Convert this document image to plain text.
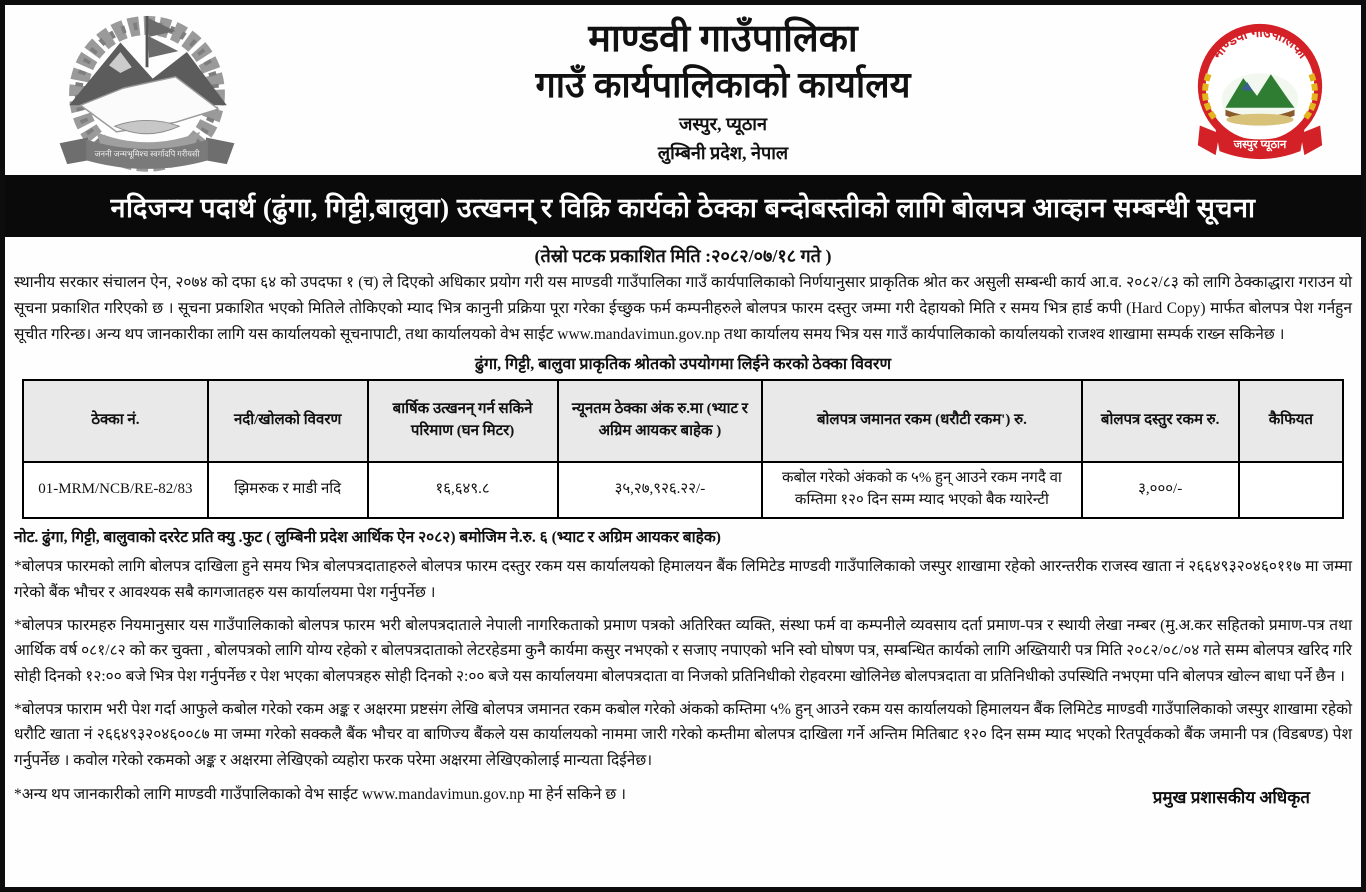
जननी जन्मभूमिश्च स्वर्गादपि गरीयसी
माण्डवी गाउँपालिका
गाउँ कार्यपालिकाको कार्यालय
जस्पुर, प्यूठान
लुम्बिनी प्रदेश, नेपाल
माण्डवी गाउँपालिका
जस्पुर प्यूठान
नदिजन्य पदार्थ (ढुंगा, गिट्टी,बालुवा) उत्खनन् र विक्रि कार्यको ठेक्का बन्दोबस्तीको लागि बोलपत्र आव्हान सम्बन्धी सूचना
(तेस्रो पटक प्रकाशित मिति :२०८२/०७/१८ गते )
स्थानीय सरकार संचालन ऐन, २०७४ को दफा ६४ को उपदफा १ (च) ले दिएको अधिकार प्रयोग गरी यस माण्डवी गाउँपालिका गाउँ कार्यपालिकाको निर्णयानुसार प्राकृतिक श्रोत कर असुली सम्बन्धी कार्य आ.व. २०८२/८३ को लागि ठेक्काद्धारा गराउन यो सूचना प्रकाशित गरिएको छ । सूचना प्रकाशित भएको मितिले तोकिएको म्याद भित्र कानुनी प्रक्रिया पूरा गरेका ईच्छुक फर्म कम्पनीहरुले बोलपत्र फारम दस्तुर जम्मा गरी देहायको मिति र समय भित्र हार्ड कपी (Hard Copy) मार्फत बोलपत्र पेश गर्नहुन सूचीत गरिन्छ। अन्य थप जानकारीका लागि यस कार्यालयको सूचनापाटी, तथा कार्यालयको वेभ साईट www.mandavimun.gov.np तथा कार्यालय समय भित्र यस गाउँ कार्यपालिकाको कार्यालयको राजश्व शाखामा सम्पर्क राख्न सकिनेछ ।
ढुंगा, गिट्टी, बालुवा प्राकृतिक श्रोतको उपयोगमा लिईने करको ठेक्का विवरण
ठेक्का नं.	नदी/खोलको विवरण	बार्षिक उत्खनन् गर्न सकिने परिमाण (घन मिटर)	न्यूनतम ठेक्का अंक रु.मा (भ्याट र अग्रिम आयकर बाहेक )	बोलपत्र जमानत रकम (धरौटी रकम') रु.	बोलपत्र दस्तुर रकम रु.	कैफियत
01-MRM/NCB/RE-82/83	झिमरुक र माडी नदि	१६,६४९.८	३५,२७,९२६.२२/-	कबोल गरेको अंकको क ५% हुन् आउने रकम नगदै वा कम्तिमा १२० दिन सम्म म्याद भएको बैक ग्यारेन्टी	३,०००/-	
नोट. ढुंगा, गिट्टी, बालुवाको दररेट प्रति क्यु .फुट ( लुम्बिनी प्रदेश आर्थिक ऐन २०८२) बमोजिम ने.रु. ६ (भ्याट र अग्रिम आयकर बाहेक)
*बोलपत्र फारमको लागि बोलपत्र दाखिला हुने समय भित्र बोलपत्रदाताहरुले बोलपत्र फारम दस्तुर रकम यस कार्यालयको हिमालयन बैंक लिमिटेड माण्डवी गाउँपालिकाको जस्पुर शाखामा रहेको आरन्तरीक राजस्व खाता नं २६६४९३२०४६०११७ मा जम्मा गरेको बैंक भौचर र आवश्यक सबै कागजातहरु यस कार्यालयमा पेश गर्नुपर्नेछ ।
*बोलपत्र फारमहरु नियमानुसार यस गाउँपालिकाको बोलपत्र फारम भरी बोलपत्रदाताले नेपाली नागरिकताको प्रमाण पत्रको अतिरिक्त व्यक्ति, संस्था फर्म वा कम्पनीले व्यवसाय दर्ता प्रमाण-पत्र र स्थायी लेखा नम्बर (मु.अ.कर सहितको प्रमाण-पत्र तथा आर्थिक वर्ष ०८१/८२ को कर चुक्ता , बोलपत्रको लागि योग्य रहेको र बोलपत्रदाताको लेटरहेडमा कुनै कार्यमा कसुर नभएको र सजाए नपाएको भनि स्वो घोषण पत्र, सम्बन्धित कार्यको लागि अख्तियारी पत्र मिति २०८२/०८/०४ गते सम्म बोलपत्र खरिद गरि सोही दिनको १२:०० बजे भित्र पेश गर्नुपर्नेछ र पेश भएका बोलपत्रहरु सोही दिनको २:०० बजे यस कार्यालयमा बोलपत्रदाता वा निजको प्रतिनिधीको रोहवरमा खोलिनेछ बोलपत्रदाता वा प्रतिनिधीको उपस्थिति नभएमा पनि बोलपत्र खोल्न बाधा पर्ने छैन ।
*बोलपत्र फाराम भरी पेश गर्दा आफुले कबोल गरेको रकम अङ्क र अक्षरमा प्रष्टसंग लेखि बोलपत्र जमानत रकम कबोल गरेको अंकको कम्तिमा ५% हुन् आउने रकम यस कार्यालयको हिमालयन बैंक लिमिटेड माण्डवी गाउँपालिकाको जस्पुर शाखामा रहेको धरौटि खाता नं २६६४९३२०४६००८७ मा जम्मा गरेको सक्कलै बैंक भौचर वा बाणिज्य बैंकले यस कार्यालयको नाममा जारी गरेको कम्तीमा बोलपत्र दाखिला गर्ने अन्तिम मितिबाट १२० दिन सम्म म्याद भएको रितपूर्वकको बैंक जमानी पत्र (विडबण्ड) पेश गर्नुपर्नेछ । कवोल गरेको रकमको अङ्क र अक्षरमा लेखिएको व्यहोरा फरक परेमा अक्षरमा लेखिएकोलाई मान्यता दिईनेछ।
*अन्य थप जानकारीको लागि माण्डवी गाउँपालिकाको वेभ साईट www.mandavimun.gov.np मा हेर्न सकिने छ ।	प्रमुख प्रशासकीय अधिकृत
